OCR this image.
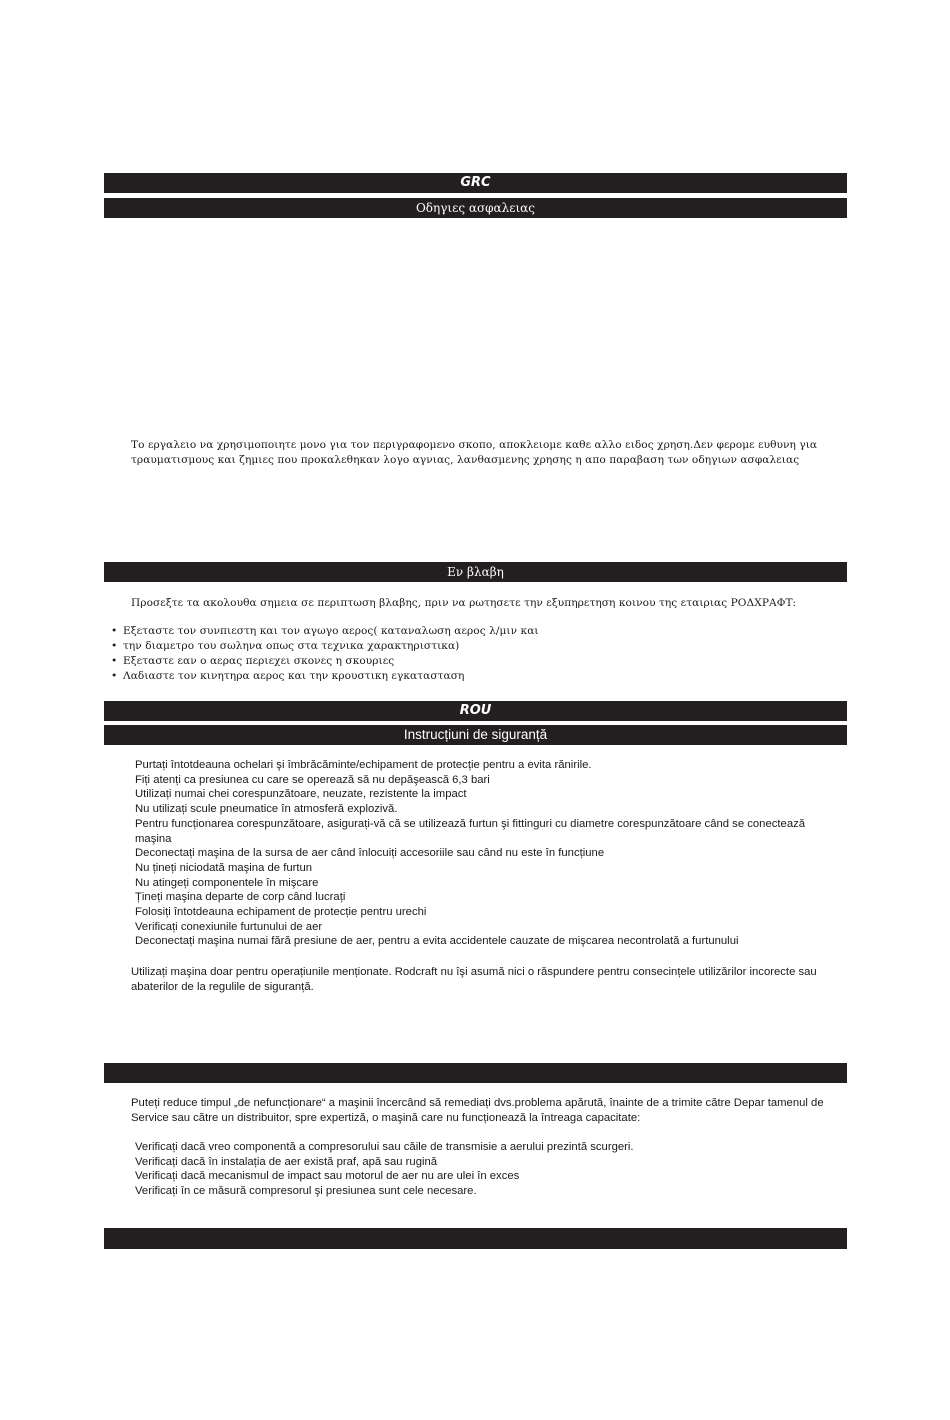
GRC
Οδηγιες ασφαλειας

Το εργαλειο να χρησιμοποιητε μονο για τον περιγραφομενο σκοπο, αποκλειομε καθε αλλο ειδος χρηση.Δεν φερομε ευθυνη για τραυματισμους και ζημιες που προκαλεθηκαν λογο αγνιας, λανθασμενης χρησης η απο παραβαση των οδηγιων ασφαλειας

Εν βλαβη

Προσεξτε τα ακολουθα σημεια σε περιπτωση βλαβης, πριν να ρωτησετε την εξυπηρετηση κοινου της εταιριας ΡΟΔΧΡΑΦΤ:

• Εξεταστε τον συνπιεστη και τον αγωγο αερος( καταναλωση αερος λ/μιν και
• την διαμετρο του σωληνα οπως στα τεχνικα χαρακτηριστικα)
• Εξεταστε εαν ο αερας περιεχει σκονες η σκουριες
• Λαδιαστε τον κινητηρα αερος και την κρουστικη εγκατασταση
ROU
Instrucțiuni de siguranță
Purtați întotdeauna ochelari şi îmbrăcăminte/echipament de protecție pentru a evita rănirile.
Fiți atenți ca presiunea cu care se operează să nu depăşească 6,3 bari
Utilizați numai chei corespunzătoare, neuzate, rezistente la impact
Nu utilizați scule pneumatice în atmosferă explozivă.
Pentru funcționarea corespunzătoare, asigurați-vă că se utilizează furtun şi fittinguri cu diametre corespunzătoare când se conectează maşina
Deconectați maşina de la sursa de aer când înlocuiți accesoriile sau când nu este în funcțiune
Nu țineți niciodată maşina de furtun
Nu atingeți componentele în mişcare
Țineți maşina departe de corp când lucrați
Folosiți întotdeauna echipament de protecție pentru urechi
Verificați conexiunile furtunului de aer
Deconectați maşina numai fără presiune de aer, pentru a evita accidentele cauzate de mişcarea necontrolată a furtunului

Utilizați maşina doar pentru operațiunile menționate. Rodcraft nu îşi asumă nici o răspundere pentru consecințele utilizărilor incorecte sau abaterilor de la regulile de siguranță.

Puteți reduce timpul „de nefuncționare“ a maşinii încercând să remediați dvs.problema apărută, înainte de a trimite către Depar tamenul de Service sau către un distribuitor, spre expertiză, o maşină care nu funcționează la întreaga capacitate:

Verificați dacă vreo componentă a compresorului sau căile de transmisie a aerului prezintă scurgeri.
Verificați dacă în instalația de aer există praf, apă sau rugină
Verificați dacă mecanismul de impact sau motorul de aer nu are ulei în exces
Verificați în ce măsură compresorul şi presiunea sunt cele necesare.
